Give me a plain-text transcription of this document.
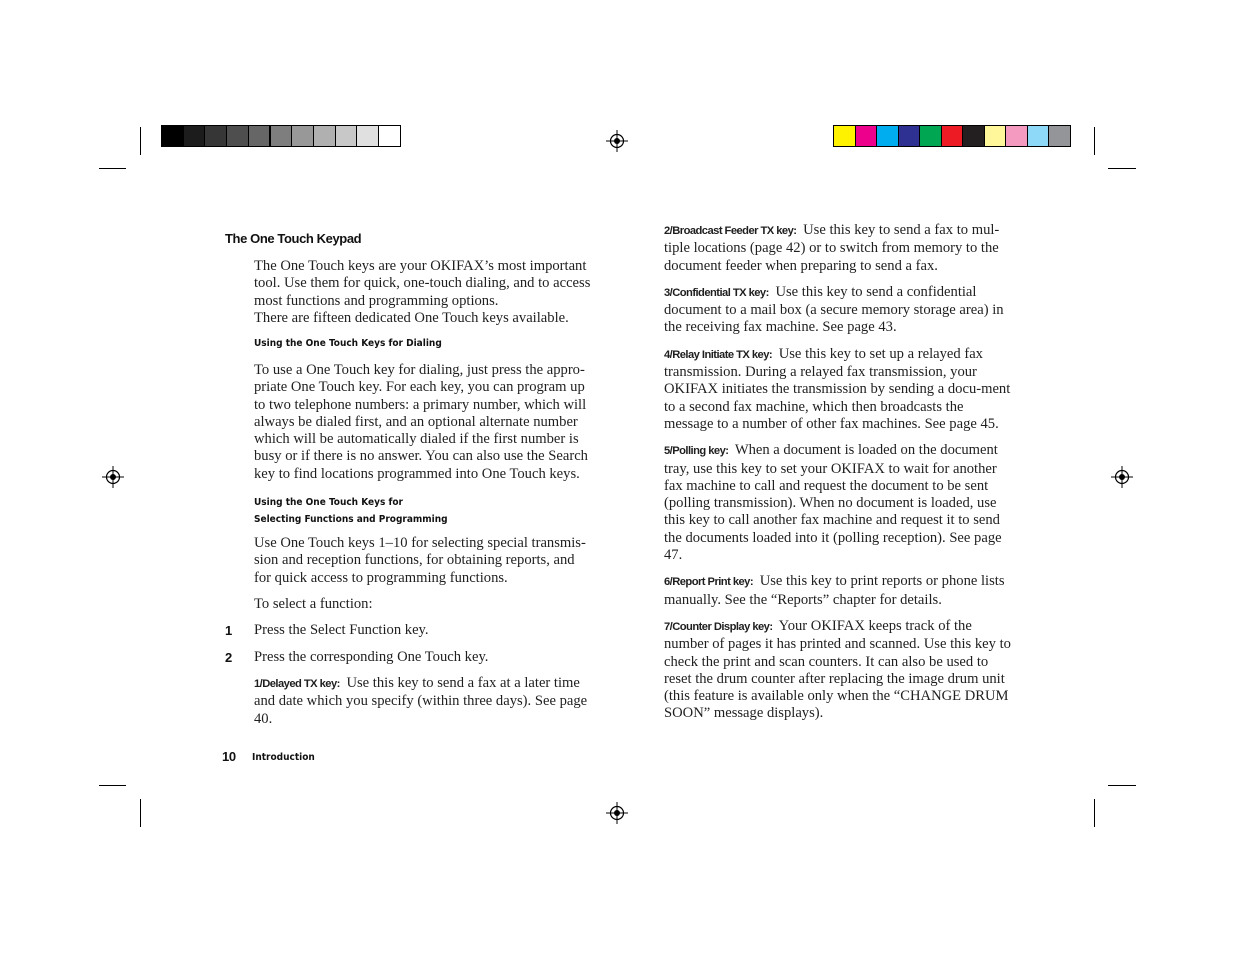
The One Touch Keypad

The One Touch keys are your OKIFAX’s most important tool. Use them for quick, one-touch dialing, and to access most functions and programming options.

There are fifteen dedicated One Touch keys available.

Using the One Touch Keys for Dialing

To use a One Touch key for dialing, just press the appro-priate One Touch key. For each key, you can program up to two telephone numbers: a primary number, which will always be dialed first, and an optional alternate number which will be automatically dialed if the first number is busy or if there is no answer. You can also use the Search key to find locations programmed into One Touch keys.

Using the One Touch Keys for
Selecting Functions and Programming

Use One Touch keys 1–10 for selecting special transmis-sion and reception functions, for obtaining reports, and for quick access to programming functions.

To select a function:

1 Press the Select Function key.

2 Press the corresponding One Touch key.

1/Delayed TX key: Use this key to send a fax at a later time and date which you specify (within three days). See page 40.

10 Introduction

2/Broadcast Feeder TX key: Use this key to send a fax to mul-tiple locations (page 42) or to switch from memory to the document feeder when preparing to send a fax.

3/Confidential TX key: Use this key to send a confidential document to a mail box (a secure memory storage area) in the receiving fax machine. See page 43.

4/Relay Initiate TX key: Use this key to set up a relayed fax transmission. During a relayed fax transmission, your OKIFAX initiates the transmission by sending a docu-ment to a second fax machine, which then broadcasts the message to a number of other fax machines. See page 45.

5/Polling key: When a document is loaded on the document tray, use this key to set your OKIFAX to wait for another fax machine to call and request the document to be sent (polling transmission). When no document is loaded, use this key to call another fax machine and request it to send the documents loaded into it (polling reception). See page 47.

6/Report Print key: Use this key to print reports or phone lists manually. See the “Reports” chapter for details.

7/Counter Display key: Your OKIFAX keeps track of the number of pages it has printed and scanned. Use this key to check the print and scan counters. It can also be used to reset the drum counter after replacing the image drum unit (this feature is available only when the “CHANGE DRUM SOON” message displays).
